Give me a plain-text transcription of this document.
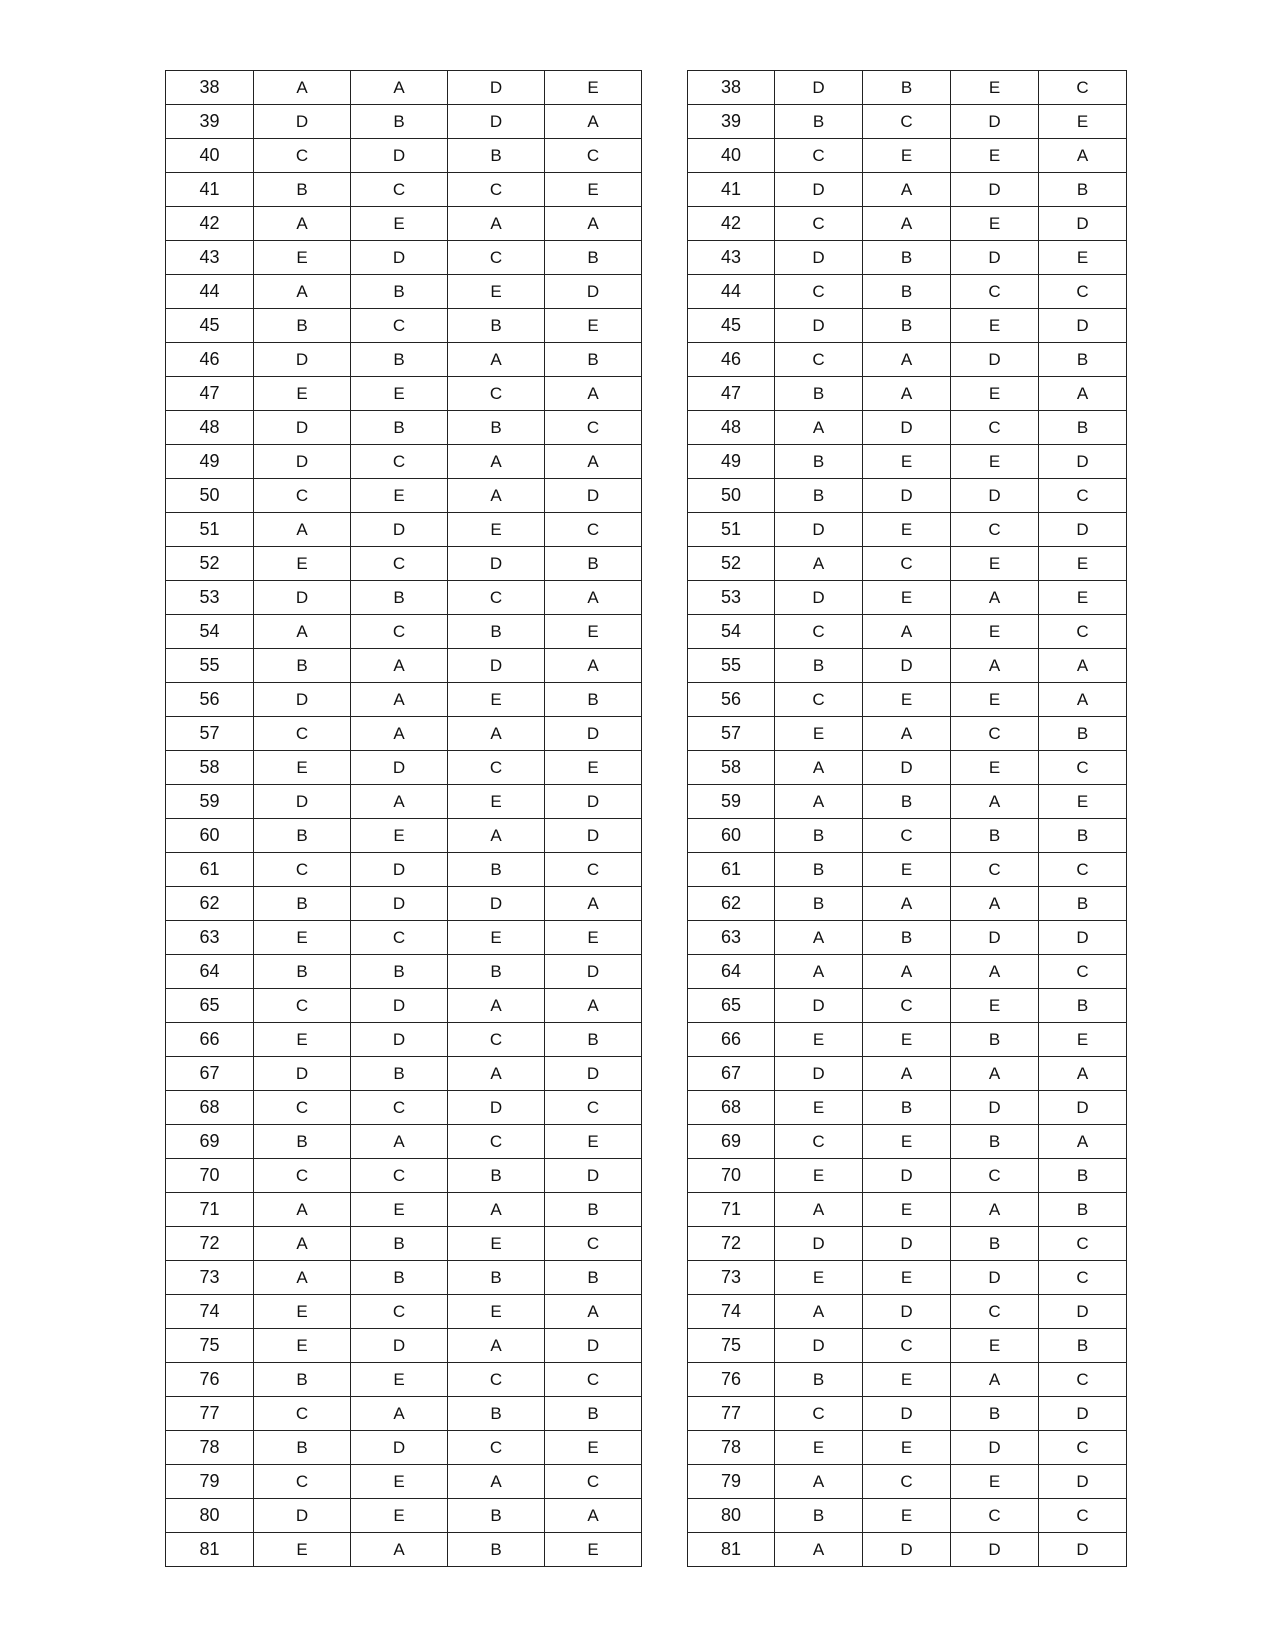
38	A	A	D	E
39	D	B	D	A
40	C	D	B	C
41	B	C	C	E
42	A	E	A	A
43	E	D	C	B
44	A	B	E	D
45	B	C	B	E
46	D	B	A	B
47	E	E	C	A
48	D	B	B	C
49	D	C	A	A
50	C	E	A	D
51	A	D	E	C
52	E	C	D	B
53	D	B	C	A
54	A	C	B	E
55	B	A	D	A
56	D	A	E	B
57	C	A	A	D
58	E	D	C	E
59	D	A	E	D
60	B	E	A	D
61	C	D	B	C
62	B	D	D	A
63	E	C	E	E
64	B	B	B	D
65	C	D	A	A
66	E	D	C	B
67	D	B	A	D
68	C	C	D	C
69	B	A	C	E
70	C	C	B	D
71	A	E	A	B
72	A	B	E	C
73	A	B	B	B
74	E	C	E	A
75	E	D	A	D
76	B	E	C	C
77	C	A	B	B
78	B	D	C	E
79	C	E	A	C
80	D	E	B	A
81	E	A	B	E
38	D	B	E	C
39	B	C	D	E
40	C	E	E	A
41	D	A	D	B
42	C	A	E	D
43	D	B	D	E
44	C	B	C	C
45	D	B	E	D
46	C	A	D	B
47	B	A	E	A
48	A	D	C	B
49	B	E	E	D
50	B	D	D	C
51	D	E	C	D
52	A	C	E	E
53	D	E	A	E
54	C	A	E	C
55	B	D	A	A
56	C	E	E	A
57	E	A	C	B
58	A	D	E	C
59	A	B	A	E
60	B	C	B	B
61	B	E	C	C
62	B	A	A	B
63	A	B	D	D
64	A	A	A	C
65	D	C	E	B
66	E	E	B	E
67	D	A	A	A
68	E	B	D	D
69	C	E	B	A
70	E	D	C	B
71	A	E	A	B
72	D	D	B	C
73	E	E	D	C
74	A	D	C	D
75	D	C	E	B
76	B	E	A	C
77	C	D	B	D
78	E	E	D	C
79	A	C	E	D
80	B	E	C	C
81	A	D	D	D
